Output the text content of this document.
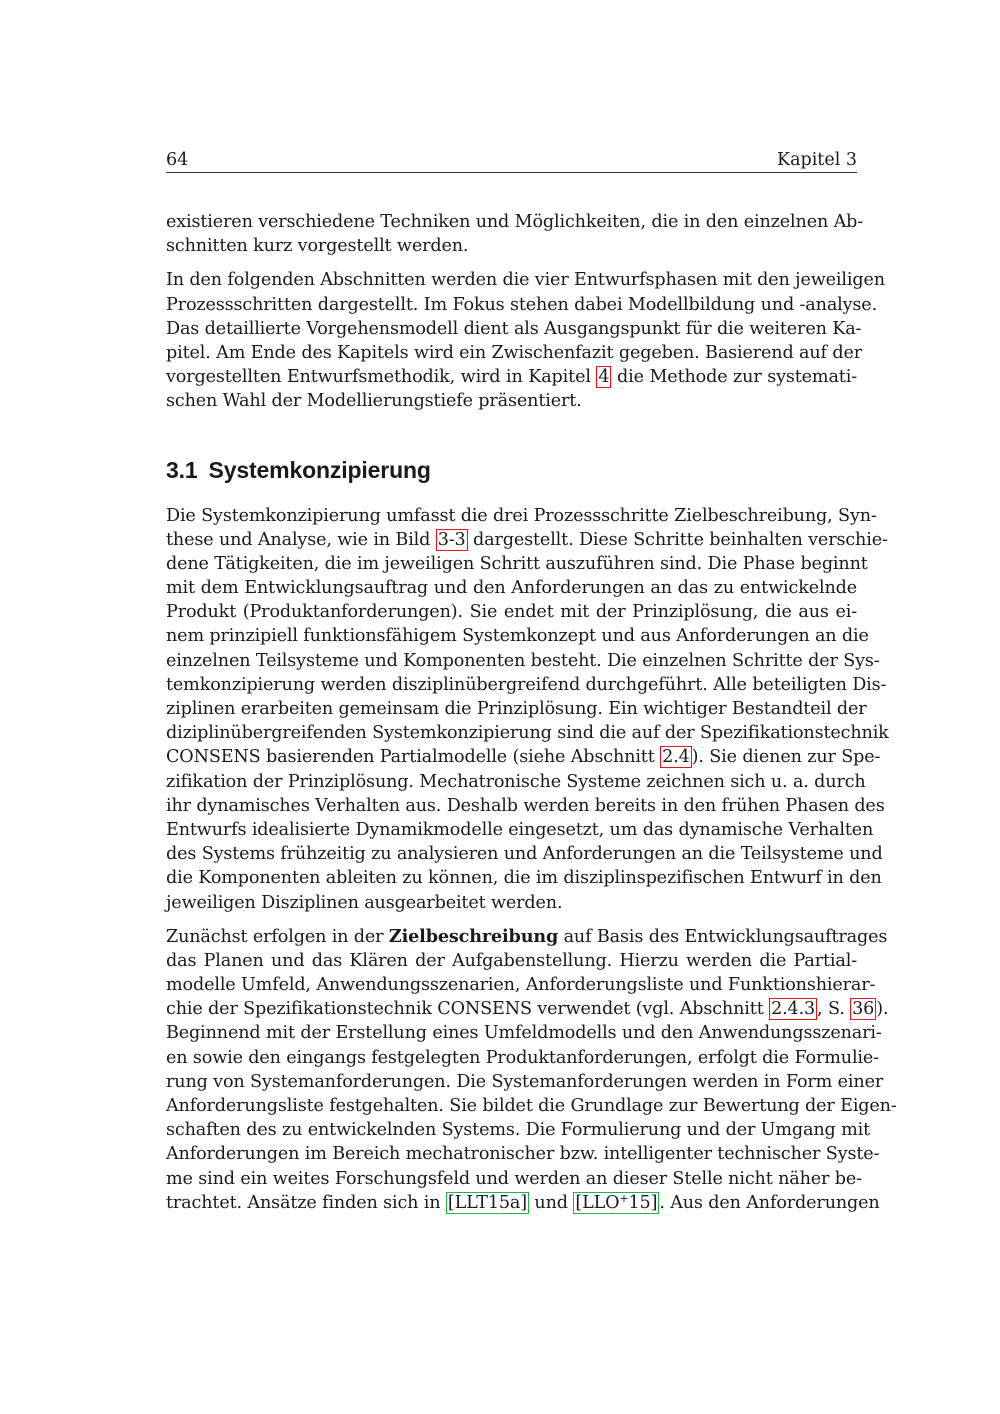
64	Kapitel 3
existieren verschiedene Techniken und Möglichkeiten, die in den einzelnen Ab-
schnitten kurz vorgestellt werden.
In den folgenden Abschnitten werden die vier Entwurfsphasen mit den jeweiligen
Prozessschritten dargestellt. Im Fokus stehen dabei Modellbildung und -analyse.
Das detaillierte Vorgehensmodell dient als Ausgangspunkt für die weiteren Ka-
pitel. Am Ende des Kapitels wird ein Zwischenfazit gegeben. Basierend auf der
vorgestellten Entwurfsmethodik, wird in Kapitel 4 die Methode zur systemati-
schen Wahl der Modellierungstiefe präsentiert.
3.1 Systemkonzipierung
Die Systemkonzipierung umfasst die drei Prozessschritte Zielbeschreibung, Syn-
these und Analyse, wie in Bild 3-3 dargestellt. Diese Schritte beinhalten verschie-
dene Tätigkeiten, die im jeweiligen Schritt auszuführen sind. Die Phase beginnt
mit dem Entwicklungsauftrag und den Anforderungen an das zu entwickelnde
Produkt (Produktanforderungen). Sie endet mit der Prinziplösung, die aus ei-
nem prinzipiell funktionsfähigem Systemkonzept und aus Anforderungen an die
einzelnen Teilsysteme und Komponenten besteht. Die einzelnen Schritte der Sys-
temkonzipierung werden disziplinübergreifend durchgeführt. Alle beteiligten Dis-
ziplinen erarbeiten gemeinsam die Prinziplösung. Ein wichtiger Bestandteil der
diziplinübergreifenden Systemkonzipierung sind die auf der Spezifikationstechnik
CONSENS basierenden Partialmodelle (siehe Abschnitt 2.4 ). Sie dienen zur Spe-
zifikation der Prinziplösung. Mechatronische Systeme zeichnen sich u. a. durch
ihr dynamisches Verhalten aus. Deshalb werden bereits in den frühen Phasen des
Entwurfs idealisierte Dynamikmodelle eingesetzt, um das dynamische Verhalten
des Systems frühzeitig zu analysieren und Anforderungen an die Teilsysteme und
die Komponenten ableiten zu können, die im disziplinspezifischen Entwurf in den
jeweiligen Disziplinen ausgearbeitet werden.
Zunächst erfolgen in der Zielbeschreibung auf Basis des Entwicklungsauftrages
das Planen und das Klären der Aufgabenstellung. Hierzu werden die Partial-
modelle Umfeld, Anwendungsszenarien, Anforderungsliste und Funktionshierar-
chie der Spezifikationstechnik CONSENS verwendet (vgl. Abschnitt 2.4.3 , S. 36 ).
Beginnend mit der Erstellung eines Umfeldmodells und den Anwendungsszenari-
en sowie den eingangs festgelegten Produktanforderungen, erfolgt die Formulie-
rung von Systemanforderungen. Die Systemanforderungen werden in Form einer
Anforderungsliste festgehalten. Sie bildet die Grundlage zur Bewertung der Eigen-
schaften des zu entwickelnden Systems. Die Formulierung und der Umgang mit
Anforderungen im Bereich mechatronischer bzw. intelligenter technischer Syste-
me sind ein weites Forschungsfeld und werden an dieser Stelle nicht näher be-
trachtet. Ansätze finden sich in [LLT15a] und [LLO+15] . Aus den Anforderungen
